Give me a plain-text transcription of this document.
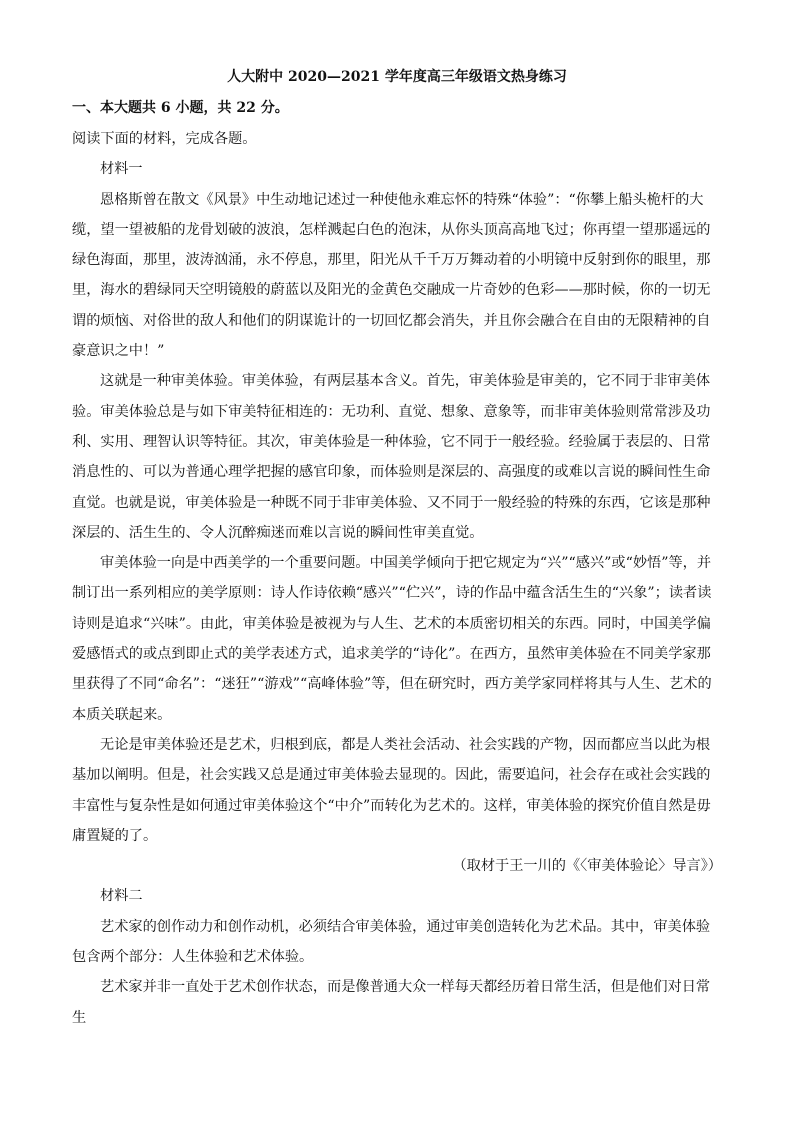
人大附中 2020—2021 学年度高三年级语文热身练习
一、本大题共 6 小题，共 22 分。

阅读下面的材料，完成各题。

材料一

恩格斯曾在散文《风景》中生动地记述过一种使他永难忘怀的特殊“体验”：“你攀上船头桅杆的大缆，望一望被船的龙骨划破的波浪，怎样溅起白色的泡沫，从你头顶高高地飞过；你再望一望那遥远的绿色海面，那里，波涛汹涌，永不停息，那里，阳光从千千万万舞动着的小明镜中反射到你的眼里，那里，海水的碧绿同天空明镜般的蔚蓝以及阳光的金黄色交融成一片奇妙的色彩——那时候，你的一切无谓的烦恼、对俗世的敌人和他们的阴谋诡计的一切回忆都会消失，并且你会融合在自由的无限精神的自豪意识之中！”

这就是一种审美体验。审美体验，有两层基本含义。首先，审美体验是审美的，它不同于非审美体验。审美体验总是与如下审美特征相连的：无功利、直觉、想象、意象等，而非审美体验则常常涉及功利、实用、理智认识等特征。其次，审美体验是一种体验，它不同于一般经验。经验属于表层的、日常消息性的、可以为普通心理学把握的感官印象，而体验则是深层的、高强度的或难以言说的瞬间性生命直觉。也就是说，审美体验是一种既不同于非审美体验、又不同于一般经验的特殊的东西，它该是那种深层的、活生生的、令人沉醉痴迷而难以言说的瞬间性审美直觉。

审美体验一向是中西美学的一个重要问题。中国美学倾向于把它规定为“兴”“感兴”或“妙悟”等，并制订出一系列相应的美学原则：诗人作诗依赖“感兴”“伫兴”，诗的作品中蕴含活生生的“兴象”；读者读诗则是追求“兴味”。由此，审美体验是被视为与人生、艺术的本质密切相关的东西。同时，中国美学偏爱感悟式的或点到即止式的美学表述方式，追求美学的“诗化”。在西方，虽然审美体验在不同美学家那里获得了不同“命名”：“迷狂”“游戏”“高峰体验”等，但在研究时，西方美学家同样将其与人生、艺术的本质关联起来。

无论是审美体验还是艺术，归根到底，都是人类社会活动、社会实践的产物，因而都应当以此为根基加以阐明。但是，社会实践又总是通过审美体验去显现的。因此，需要追问，社会存在或社会实践的丰富性与复杂性是如何通过审美体验这个“中介”而转化为艺术的。这样，审美体验的探究价值自然是毋庸置疑的了。

（取材于王一川的《〈审美体验论〉导言》）

材料二

艺术家的创作动力和创作动机，必须结合审美体验，通过审美创造转化为艺术品。其中，审美体验包含两个部分：人生体验和艺术体验。

艺术家并非一直处于艺术创作状态，而是像普通大众一样每天都经历着日常生活，但是他们对日常生
